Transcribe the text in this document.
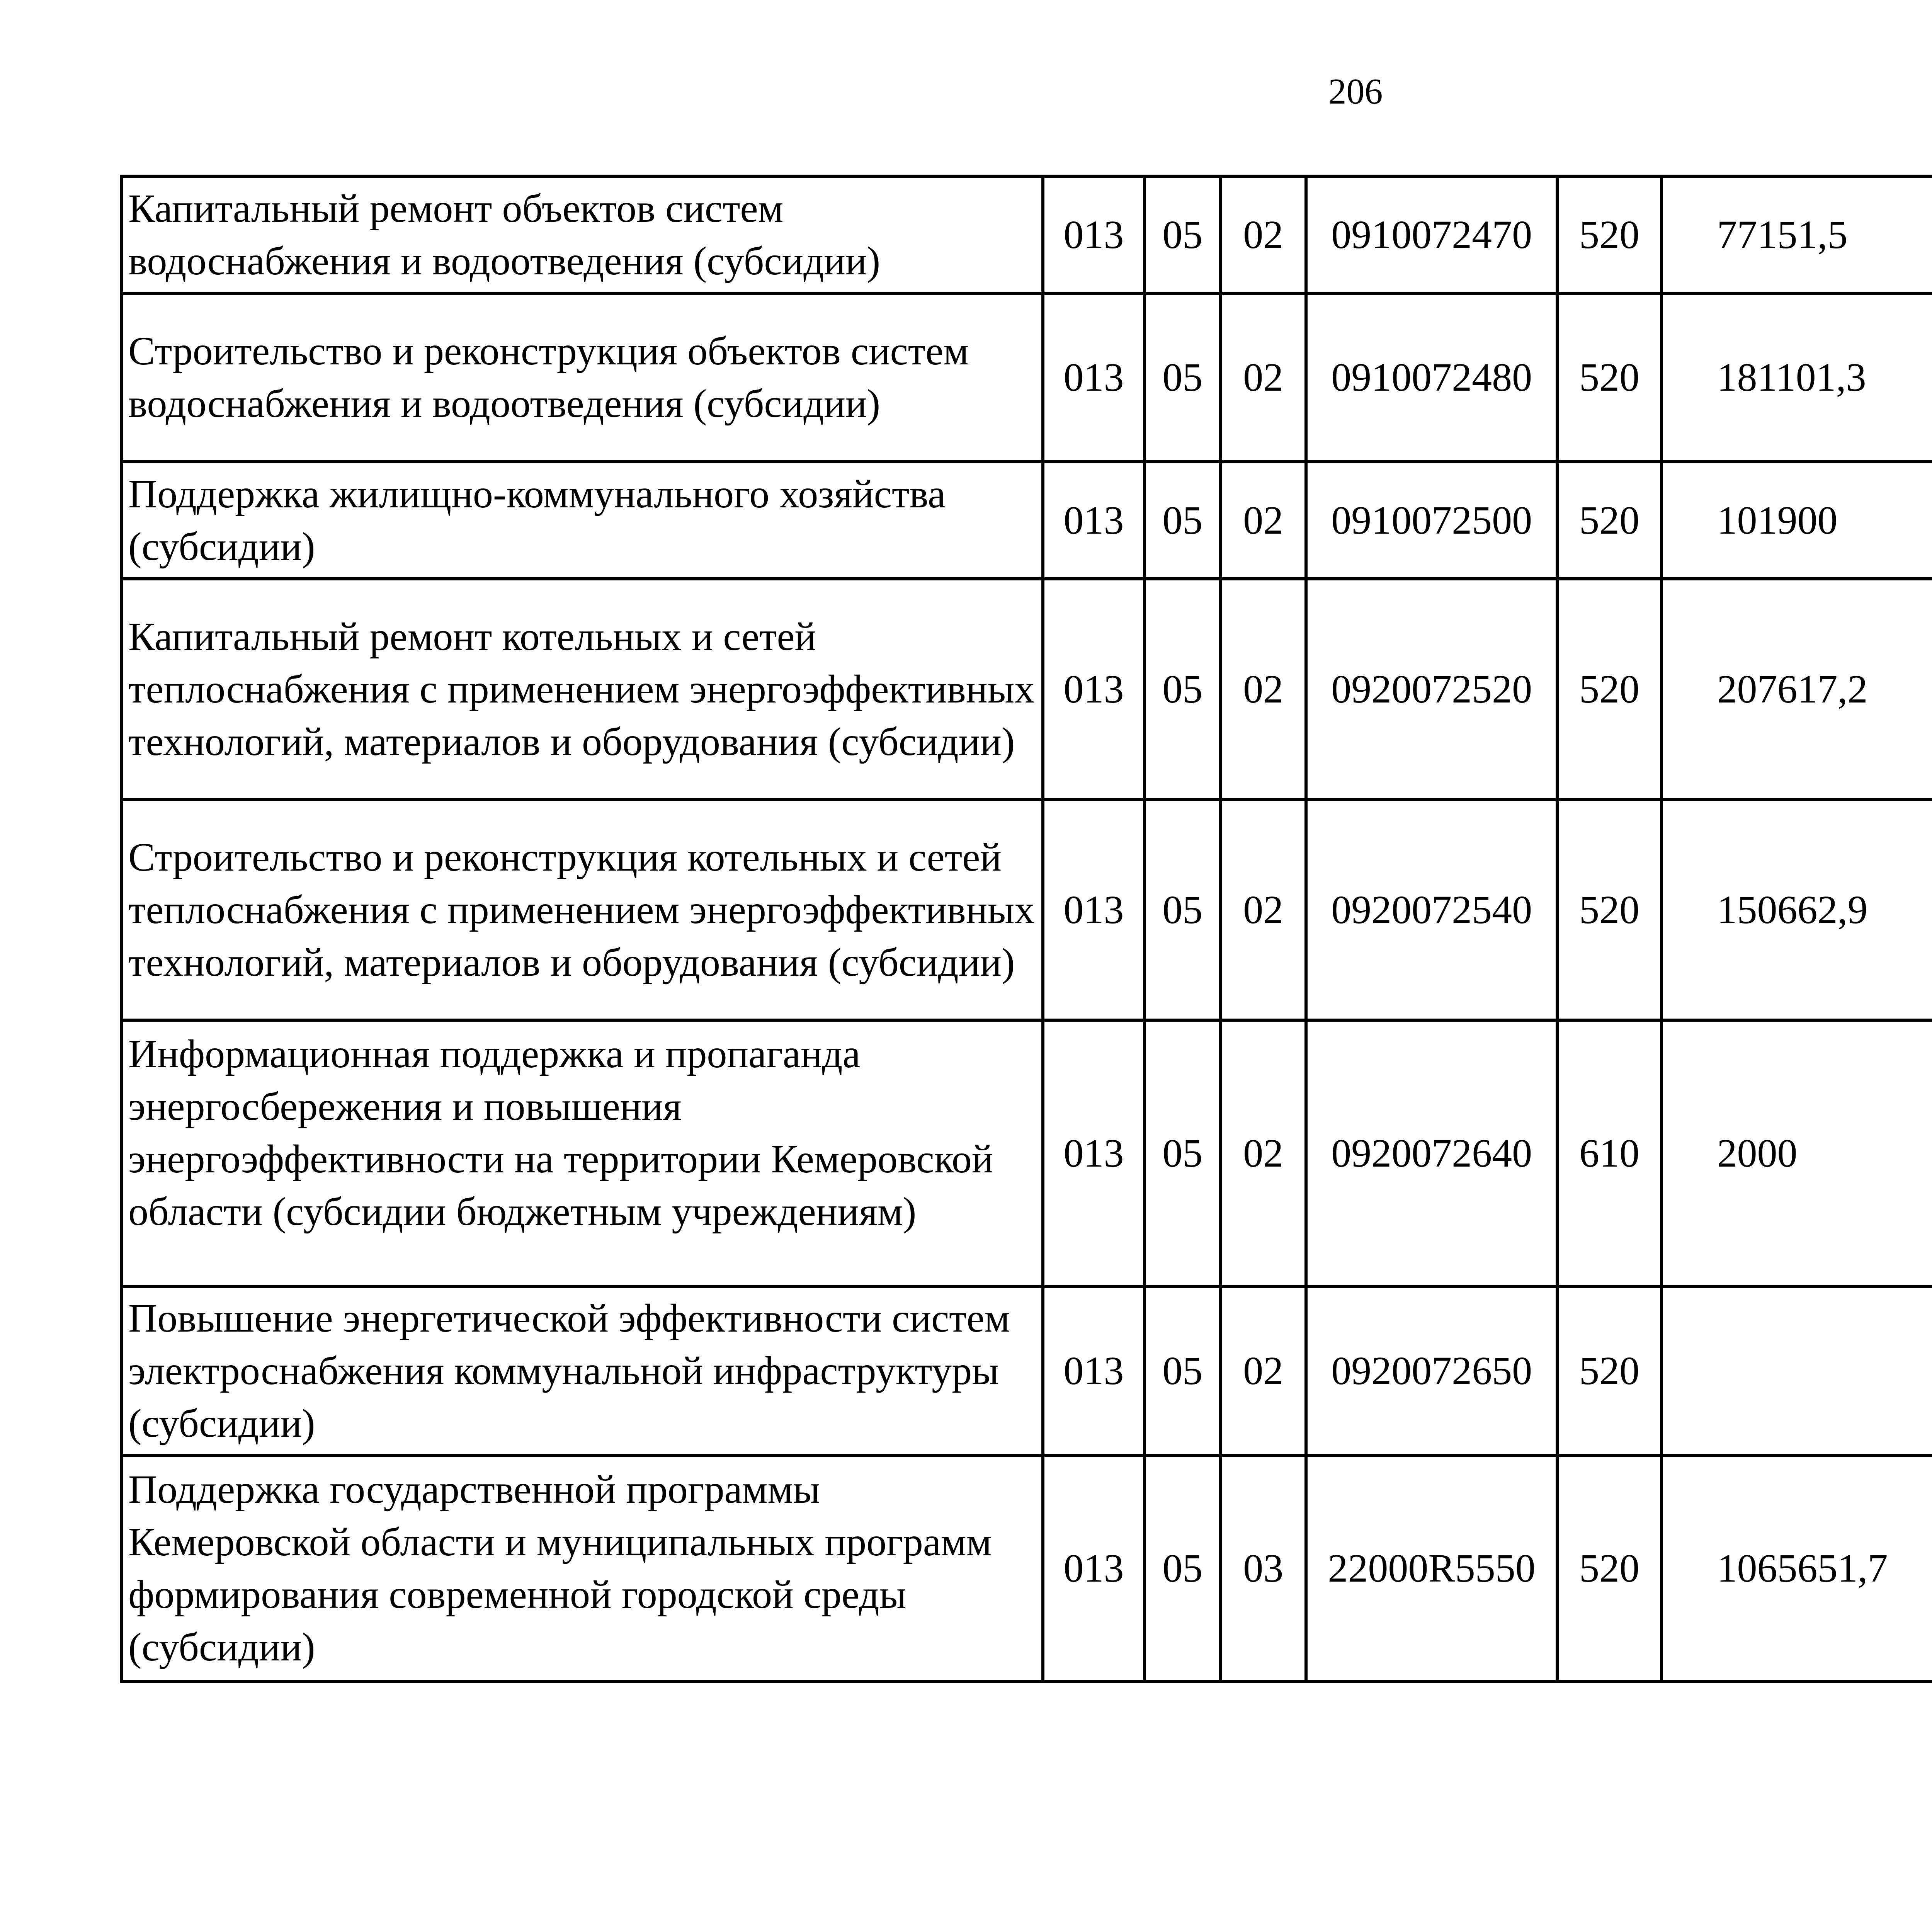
206
Капитальный ремонт объектов систем водоснабжения и водоотведения (субсидии)	013	05	02	0910072470	520	77151,5		
Строительство и реконструкция объектов систем водоснабжения и водоотведения (субсидии)	013	05	02	0910072480	520	181101,3		
Поддержка жилищно-коммунального хозяйства (субсидии)	013	05	02	0910072500	520	101900		
Капитальный ремонт котельных и сетей теплоснабжения с применением энергоэффективных технологий, материалов и оборудования (субсидии)	013	05	02	0920072520	520	207617,2		
Строительство и реконструкция котельных и сетей теплоснабжения с применением энергоэффективных технологий, материалов и оборудования (субсидии)	013	05	02	0920072540	520	150662,9		
Информационная поддержка и пропаганда энергосбережения и повышения энергоэффективности на территории Кемеровской области (субсидии бюджетным учреждениям)	013	05	02	0920072640	610	2000		
Повышение энергетической эффективности систем электроснабжения коммунальной инфраструктуры (субсидии)	013	05	02	0920072650	520			
Поддержка государственной программы Кемеровской области и муниципальных программ формирования современной городской среды (субсидии)	013	05	03	22000R5550	520	1065651,7		
